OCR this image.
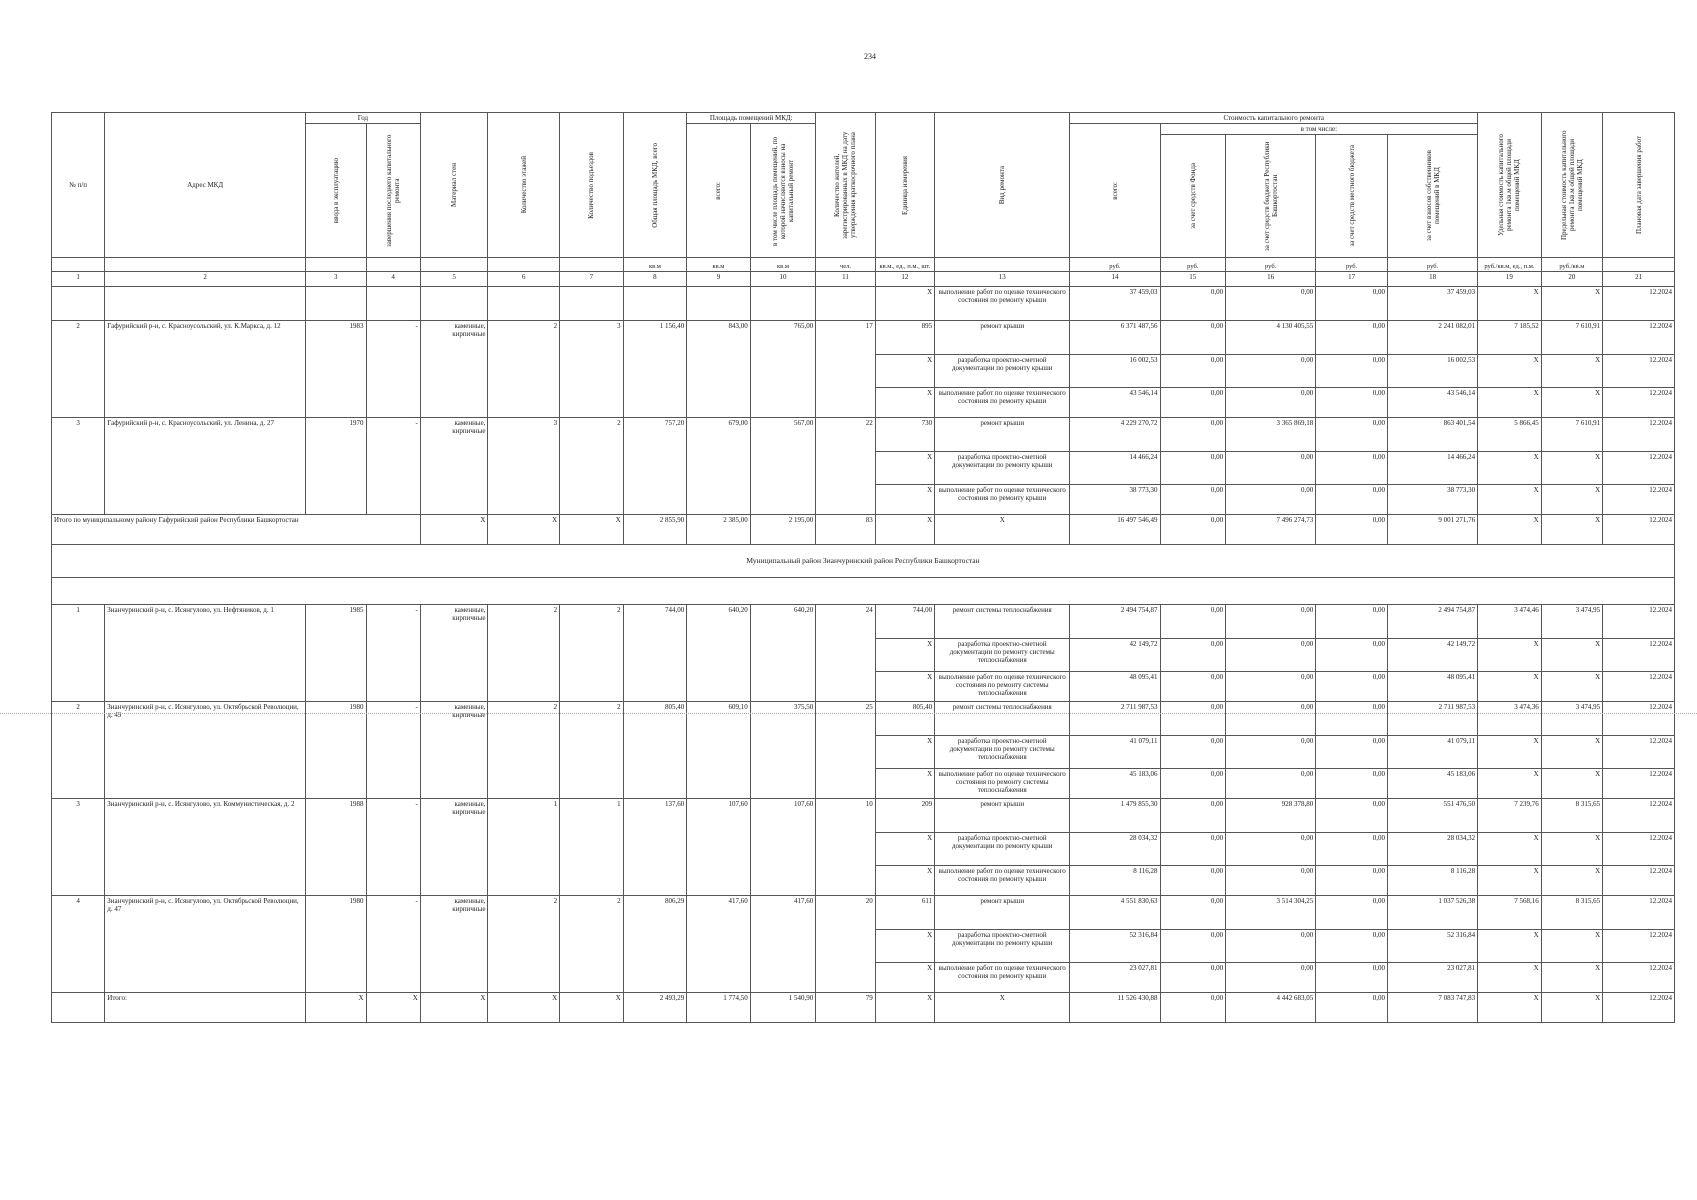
234
№ п/п	Адрес МКД	Год		Материал стен	Количество этажей	Количество подъездов	Общая площадь МКД, всего	Площадь помещений МКД:		Количество жителей, зарегистрированных в МКД на дату утверждения краткосрочного плана	Единица измерения	Вид ремонта	Стоимость капитального ремонта					Удельная стоимость капитального ремонта 1кв.м общей площади помещений МКД	Предельная стоимость капитального ремонта 1кв.м общей площади помещений МКД	Плановая дата завершения работ

		ввода в эксплуатацию	завершения последнего капитального ремонта					всего:	в том числе площадь помещений, по которой начисляются взносы на капитальный ремонт				всего:	в том числе:						

														за счет средств Фонда	за счет средств бюджета Республики Башкортостан	за счет средств местного бюджета	за счет взносов собственников помещений в МКД			

							кв.м	кв.м	кв.м	чел.	кв.м., ед., п.м., шт.		руб.	руб.	руб.	руб.	руб.	руб./кв.м, ед., п.м.	руб./кв.м	
1	2	3	4	5	6	7	8	9	10	11	12	13	14	15	16	17	18	19	20	21
											X	выполнение работ по оценке технического состояния по ремонту крыши	37 459,03	0,00	0,00	0,00	37 459,03	X	X	12.2024
2	Гафурийский р-н, с. Красноусольский, ул. К.Маркса, д. 12	1983	-	каменные, кирпичные	2	3	1 156,40	843,00	765,00	17	895	ремонт крыши	6 371 487,56	0,00	4 130 405,55	0,00	2 241 082,01	7 185,52	7 610,91	12.2024
											X	разработка проектно-сметной документации по ремонту крыши	16 002,53	0,00	0,00	0,00	16 002,53	X	X	12.2024
											X	выполнение работ по оценке технического состояния по ремонту крыши	43 546,14	0,00	0,00	0,00	43 546,14	X	X	12.2024
3	Гафурийский р-н, с. Красноусольский, ул. Ленина, д. 27	1970	-	каменные, кирпичные	3	2	757,20	679,00	567,00	22	730	ремонт крыши	4 229 270,72	0,00	3 365 869,18	0,00	863 401,54	5 866,45	7 610,91	12.2024
											X	разработка проектно-сметной документации по ремонту крыши	14 466,24	0,00	0,00	0,00	14 466,24	X	X	12.2024
											X	выполнение работ по оценке технического состояния по ремонту крыши	38 773,30	0,00	0,00	0,00	38 773,30	X	X	12.2024
Итого по муниципальному району Гафурийский район Республики Башкортостан				X	X	X	2 855,90	2 385,00	2 195,00	83	X	X	16 497 546,49	0,00	7 496 274,73	0,00	9 001 271,76	X	X	12.2024
Муниципальный район Зианчуринский район Республики Башкортостан																				

1	Зианчуринский р-н, с. Исянгулово, ул. Нефтяников, д. 1	1985	-	каменные, кирпичные	2	2	744,00	640,20	640,20	24	744,00	ремонт системы теплоснабжения	2 494 754,87	0,00	0,00	0,00	2 494 754,87	3 474,46	3 474,95	12.2024
											X	разработка проектно-сметной документации по ремонту системы теплоснабжения	42 149,72	0,00	0,00	0,00	42 149,72	X	X	12.2024
											X	выполнение работ по оценке технического состояния по ремонту системы теплоснабжения	48 095,41	0,00	0,00	0,00	48 095,41	X	X	12.2024
2	Зианчуринский р-н, с. Исянгулово, ул. Октябрьской Революции, д. 49	1980	-	каменные, кирпичные	2	2	805,40	609,10	375,50	25	805,40	ремонт системы теплоснабжения	2 711 987,53	0,00	0,00	0,00	2 711 987,53	3 474,36	3 474,95	12.2024
											X	разработка проектно-сметной документации по ремонту системы теплоснабжения	41 079,11	0,00	0,00	0,00	41 079,11	X	X	12.2024
											X	выполнение работ по оценке технического состояния по ремонту системы теплоснабжения	45 183,06	0,00	0,00	0,00	45 183,06	X	X	12.2024
3	Зианчуринский р-н, с. Исянгулово, ул. Коммунистическая, д. 2	1988	-	каменные, кирпичные	1	1	137,60	107,60	107,60	10	209	ремонт крыши	1 479 855,30	0,00	928 378,80	0,00	551 476,50	7 239,76	8 315,65	12.2024
											X	разработка проектно-сметной документации по ремонту крыши	28 034,32	0,00	0,00	0,00	28 034,32	X	X	12.2024
											X	выполнение работ по оценке технического состояния по ремонту крыши	8 116,28	0,00	0,00	0,00	8 116,28	X	X	12.2024
4	Зианчуринский р-н, с. Исянгулово, ул. Октябрьской Революции, д. 47	1980	-	каменные, кирпичные	2	2	806,29	417,60	417,60	20	611	ремонт крыши	4 551 830,63	0,00	3 514 304,25	0,00	1 037 526,38	7 568,16	8 315,65	12.2024
											X	разработка проектно-сметной документации по ремонту крыши	52 316,84	0,00	0,00	0,00	52 316,84	X	X	12.2024
											X	выполнение работ по оценке технического состояния по ремонту крыши	23 027,81	0,00	0,00	0,00	23 027,81	X	X	12.2024
	Итого:	X	X	X	X	X	2 493,29	1 774,50	1 540,90	79	X	X	11 526 430,88	0,00	4 442 683,05	0,00	7 083 747,83	X	X	12.2024
